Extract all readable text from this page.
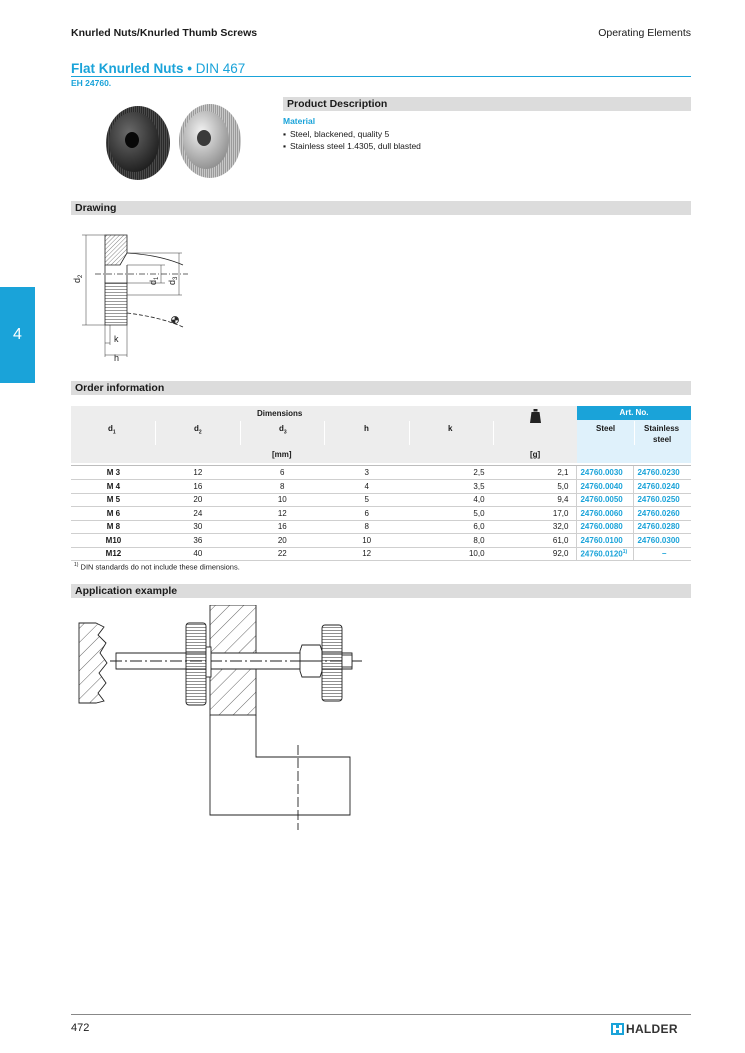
Knurled Nuts/Knurled Thumb Screws	Operating Elements
Flat Knurled Nuts • DIN 467
EH 24760.
4
Product Description
Material
▪ Steel, blackened, quality 5
▪ Stainless steel 1.4305, dull blasted
Drawing
$d_2$
$d_1$
$d_3$
k
h
Order information
Art. No.
Dimensions
$d_1$	$d_2$	$d_3$	h	k	Steel	Stainless
steel
[mm]	[g]
M 3	12	6	3	2,5	2,1	24760.0030	24760.0230
M 4	16	8	4	3,5	5,0	24760.0040	24760.0240
M 5	20	10	5	4,0	9,4	24760.0050	24760.0250
M 6	24	12	6	5,0	17,0	24760.0060	24760.0260
M 8	30	16	8	6,0	32,0	24760.0080	24760.0280
M10	36	20	10	8,0	61,0	24760.0100	24760.0300
M12	40	22	12	10,0	92,0	24760.0120$^{1)}$	–
$^{1)}$ DIN standards do not include these dimensions.
Application example
472	HALDER
